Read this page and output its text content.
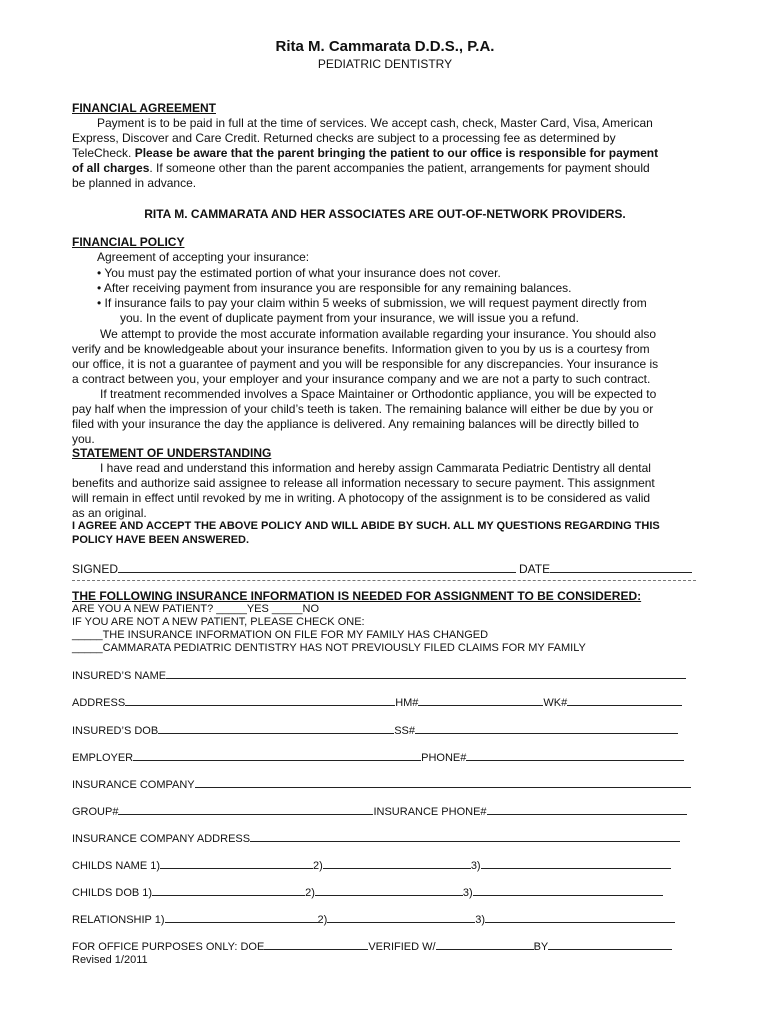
Rita M. Cammarata D.D.S., P.A.
PEDIATRIC DENTISTRY
FINANCIAL AGREEMENT
Payment is to be paid in full at the time of services. We accept cash, check, Master Card, Visa, American
Express, Discover and Care Credit. Returned checks are subject to a processing fee as determined by
TeleCheck. Please be aware that the parent bringing the patient to our office is responsible for payment
of all charges. If someone other than the parent accompanies the patient, arrangements for payment should
be planned in advance.
RITA M. CAMMARATA AND HER ASSOCIATES ARE OUT-OF-NETWORK PROVIDERS.
FINANCIAL POLICY
Agreement of accepting your insurance:
• You must pay the estimated portion of what your insurance does not cover.
• After receiving payment from insurance you are responsible for any remaining balances.
• If insurance fails to pay your claim within 5 weeks of submission, we will request payment directly from
you. In the event of duplicate payment from your insurance, we will issue you a refund.
We attempt to provide the most accurate information available regarding your insurance. You should also
verify and be knowledgeable about your insurance benefits. Information given to you by us is a courtesy from
our office, it is not a guarantee of payment and you will be responsible for any discrepancies. Your insurance is
a contract between you, your employer and your insurance company and we are not a party to such contract.
If treatment recommended involves a Space Maintainer or Orthodontic appliance, you will be expected to
pay half when the impression of your child’s teeth is taken. The remaining balance will either be due by you or
filed with your insurance the day the appliance is delivered. Any remaining balances will be directly billed to
you.
STATEMENT OF UNDERSTANDING
I have read and understand this information and hereby assign Cammarata Pediatric Dentistry all dental
benefits and authorize said assignee to release all information necessary to secure payment. This assignment
will remain in effect until revoked by me in writing. A photocopy of the assignment is to be considered as valid
as an original.
I AGREE AND ACCEPT THE ABOVE POLICY AND WILL ABIDE BY SUCH. ALL MY QUESTIONS REGARDING THIS
POLICY HAVE BEEN ANSWERED.
SIGNED	DATE
THE FOLLOWING INSURANCE INFORMATION IS NEEDED FOR ASSIGNMENT TO BE CONSIDERED:
ARE YOU A NEW PATIENT? _____YES _____NO
IF YOU ARE NOT A NEW PATIENT, PLEASE CHECK ONE:
_____THE INSURANCE INFORMATION ON FILE FOR MY FAMILY HAS CHANGED
_____CAMMARATA PEDIATRIC DENTISTRY HAS NOT PREVIOUSLY FILED CLAIMS FOR MY FAMILY
INSURED’S NAME
ADDRESS	HM#	WK#
INSURED’S DOB	SS#
EMPLOYER	PHONE#
INSURANCE COMPANY
GROUP#	INSURANCE PHONE#
INSURANCE COMPANY ADDRESS
CHILDS NAME 1)	2)	3)
CHILDS DOB 1)	2)	3)
RELATIONSHIP 1)	2)	3)
FOR OFFICE PURPOSES ONLY: DOE	VERIFIED W/	BY
Revised 1/2011
